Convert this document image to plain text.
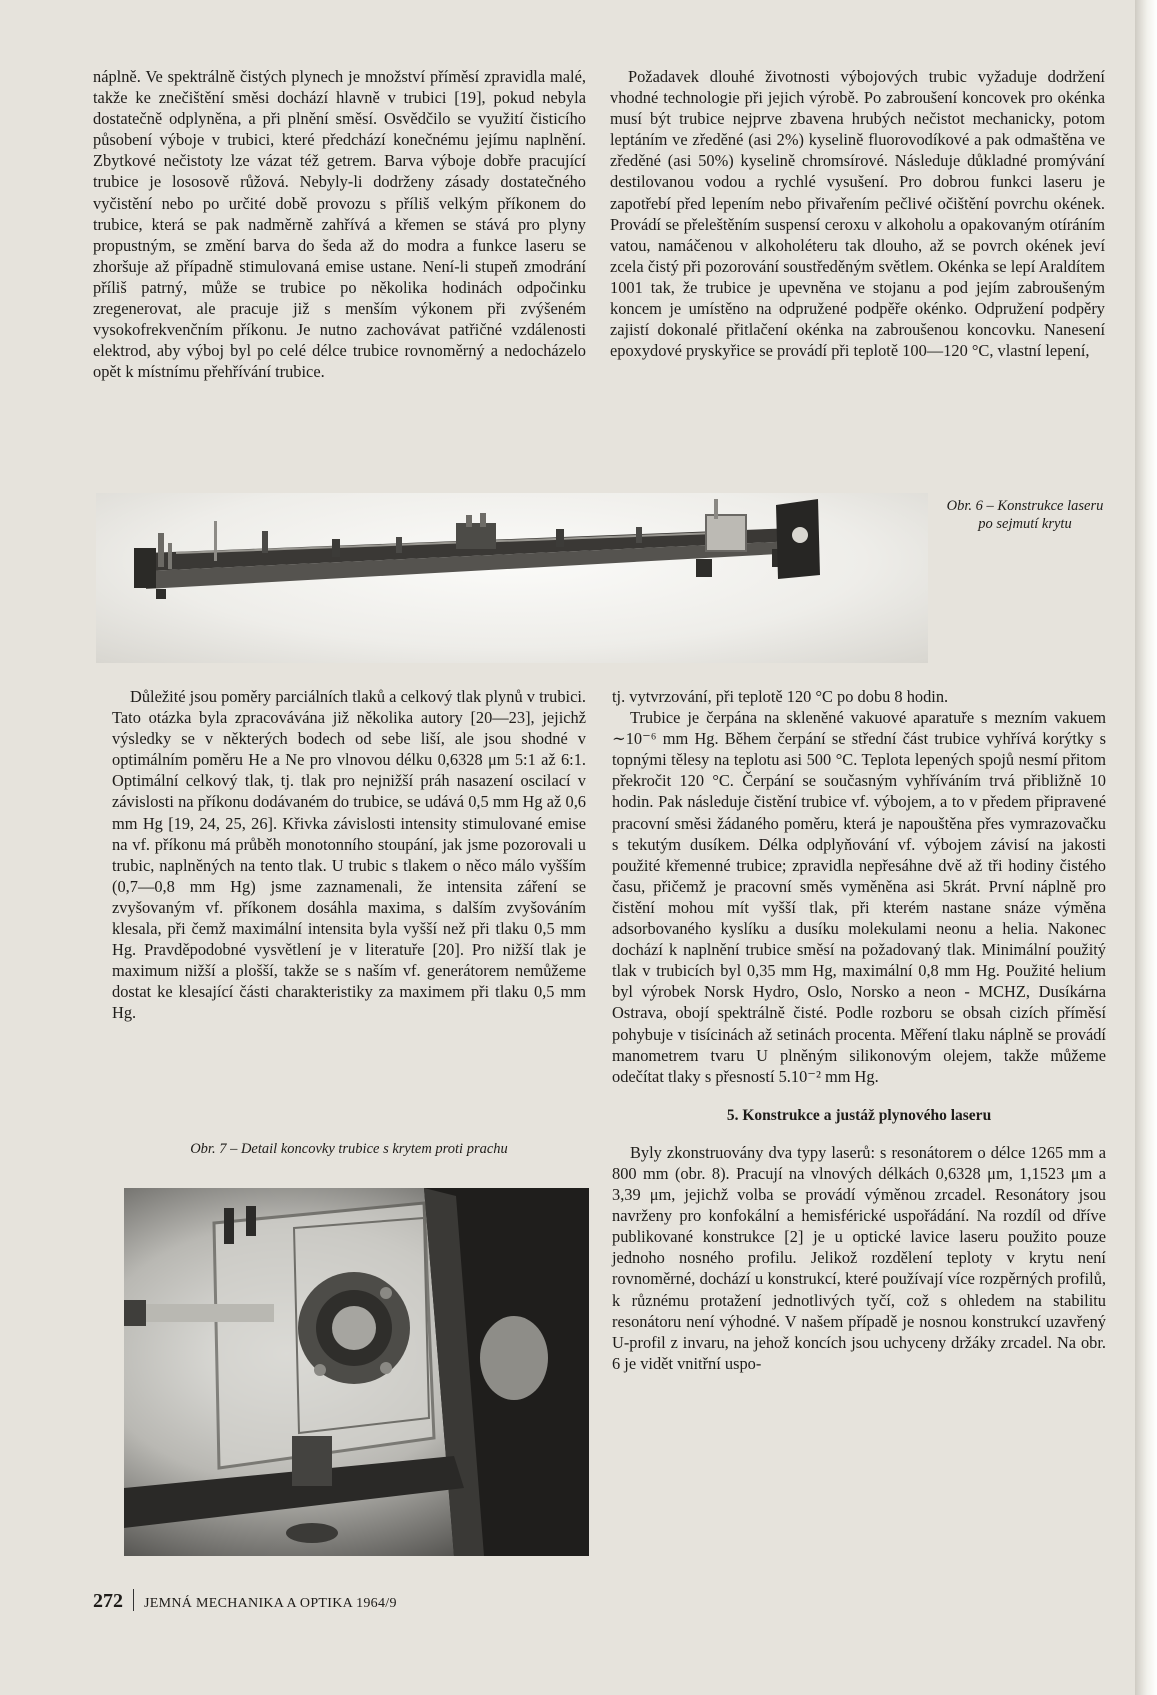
náplně. Ve spektrálně čistých plynech je množství příměsí zpravidla malé, takže ke znečištění směsi dochází hlavně v trubici [19], pokud nebyla dostatečně odplyněna, a při plnění směsí. Osvědčilo se využití čisticího působení výboje v trubici, které předchází konečnému jejímu naplnění. Zbytkové nečistoty lze vázat též getrem. Barva výboje dobře pracující trubice je lososově růžová. Nebyly-li dodrženy zásady dostatečného vyčistění nebo po určité době provozu s příliš velkým příkonem do trubice, která se pak nadměrně zahřívá a křemen se stává pro plyny propustným, se změní barva do šeda až do modra a funkce laseru se zhoršuje až případně stimulovaná emise ustane. Není-li stupeň zmodrání příliš patrný, může se trubice po několika hodinách odpočinku zregenerovat, ale pracuje již s menším výkonem při zvýšeném vysokofrekvenčním příkonu. Je nutno zachovávat patřičné vzdálenosti elektrod, aby výboj byl po celé délce trubice rovnoměrný a nedocházelo opět k místnímu přehřívání trubice.

Požadavek dlouhé životnosti výbojových trubic vyžaduje dodržení vhodné technologie při jejich výrobě. Po zabroušení koncovek pro okénka musí být trubice nejprve zbavena hrubých nečistot mechanicky, potom leptáním ve zředěné (asi 2%) kyselině fluorovodíkové a pak odmaštěna ve zředěné (asi 50%) kyselině chromsírové. Následuje důkladné promývání destilovanou vodou a rychlé vysušení. Pro dobrou funkci laseru je zapotřebí před lepením nebo přivařením pečlivé očištění povrchu okének. Provádí se přeleštěním suspensí ceroxu v alkoholu a opakovaným otíráním vatou, namáčenou v alkoholéteru tak dlouho, až se povrch okének jeví zcela čistý při pozorování soustředěným světlem. Okénka se lepí Araldítem 1001 tak, že trubice je upevněna ve stojanu a pod jejím zabroušeným koncem je umístěno na odpružené podpěře okénko. Odpružení podpěry zajistí dokonalé přitlačení okénka na zabroušenou koncovku. Nanesení epoxydové pryskyřice se provádí při teplotě 100—120 °C, vlastní lepení,

Obr. 6 – Konstrukce laseru po sejmutí krytu

Důležité jsou poměry parciálních tlaků a celkový tlak plynů v trubici. Tato otázka byla zpracovávána již několika autory [20—23], jejichž výsledky se v některých bodech od sebe liší, ale jsou shodné v optimálním poměru He a Ne pro vlnovou délku 0,6328 μm 5:1 až 6:1. Optimální celkový tlak, tj. tlak pro nejnižší práh nasazení oscilací v závislosti na příkonu dodávaném do trubice, se udává 0,5 mm Hg až 0,6 mm Hg [19, 24, 25, 26]. Křivka závislosti intensity stimulované emise na vf. příkonu má průběh monotonního stoupání, jak jsme pozorovali u trubic, naplněných na tento tlak. U trubic s tlakem o něco málo vyšším (0,7—0,8 mm Hg) jsme zaznamenali, že intensita záření se zvyšovaným vf. příkonem dosáhla maxima, s dalším zvyšováním klesala, při čemž maximální intensita byla vyšší než při tlaku 0,5 mm Hg. Pravděpodobné vysvětlení je v literatuře [20]. Pro nižší tlak je maximum nižší a plošší, takže se s naším vf. generátorem nemůžeme dostat ke klesající části charakteristiky za maximem při tlaku 0,5 mm Hg.

Obr. 7 – Detail koncovky trubice s krytem proti prachu

tj. vytvrzování, při teplotě 120 °C po dobu 8 hodin.

Trubice je čerpána na skleněné vakuové aparatuře s mezním vakuem ∼10⁻⁶ mm Hg. Během čerpání se střední část trubice vyhřívá korýtky s topnými tělesy na teplotu asi 500 °C. Teplota lepených spojů nesmí přitom překročit 120 °C. Čerpání se současným vyhříváním trvá přibližně 10 hodin. Pak následuje čistění trubice vf. výbojem, a to v předem připravené pracovní směsi žádaného poměru, která je napouštěna přes vymrazovačku s tekutým dusíkem. Délka odplyňování vf. výbojem závisí na jakosti použité křemenné trubice; zpravidla nepřesáhne dvě až tři hodiny čistého času, přičemž je pracovní směs vyměněna asi 5krát. První náplně pro čistění mohou mít vyšší tlak, při kterém nastane snáze výměna adsorbovaného kyslíku a dusíku molekulami neonu a helia. Nakonec dochází k naplnění trubice směsí na požadovaný tlak. Minimální použitý tlak v trubicích byl 0,35 mm Hg, maximální 0,8 mm Hg. Použité helium byl výrobek Norsk Hydro, Oslo, Norsko a neon - MCHZ, Dusíkárna Ostrava, obojí spektrálně čisté. Podle rozboru se obsah cizích příměsí pohybuje v tisícinách až setinách procenta. Měření tlaku náplně se provádí manometrem tvaru U plněným silikonovým olejem, takže můžeme odečítat tlaky s přesností 5.10⁻² mm Hg.

5. Konstrukce a justáž plynového laseru

Byly zkonstruovány dva typy laserů: s resonátorem o délce 1265 mm a 800 mm (obr. 8). Pracují na vlnových délkách 0,6328 μm, 1,1523 μm a 3,39 μm, jejichž volba se provádí výměnou zrcadel. Resonátory jsou navrženy pro konfokální a hemisférické uspořádání. Na rozdíl od dříve publikované konstrukce [2] je u optické lavice laseru použito pouze jednoho nosného profilu. Jelikož rozdělení teploty v krytu není rovnoměrné, dochází u konstrukcí, které používají více rozpěrných profilů, k různému protažení jednotlivých tyčí, což s ohledem na stabilitu resonátoru není výhodné. V našem případě je nosnou konstrukcí uzavřený U-profil z invaru, na jehož koncích jsou uchyceny držáky zrcadel. Na obr. 6 je vidět vnitřní uspo-

272 JEMNÁ MECHANIKA A OPTIKA 1964/9
